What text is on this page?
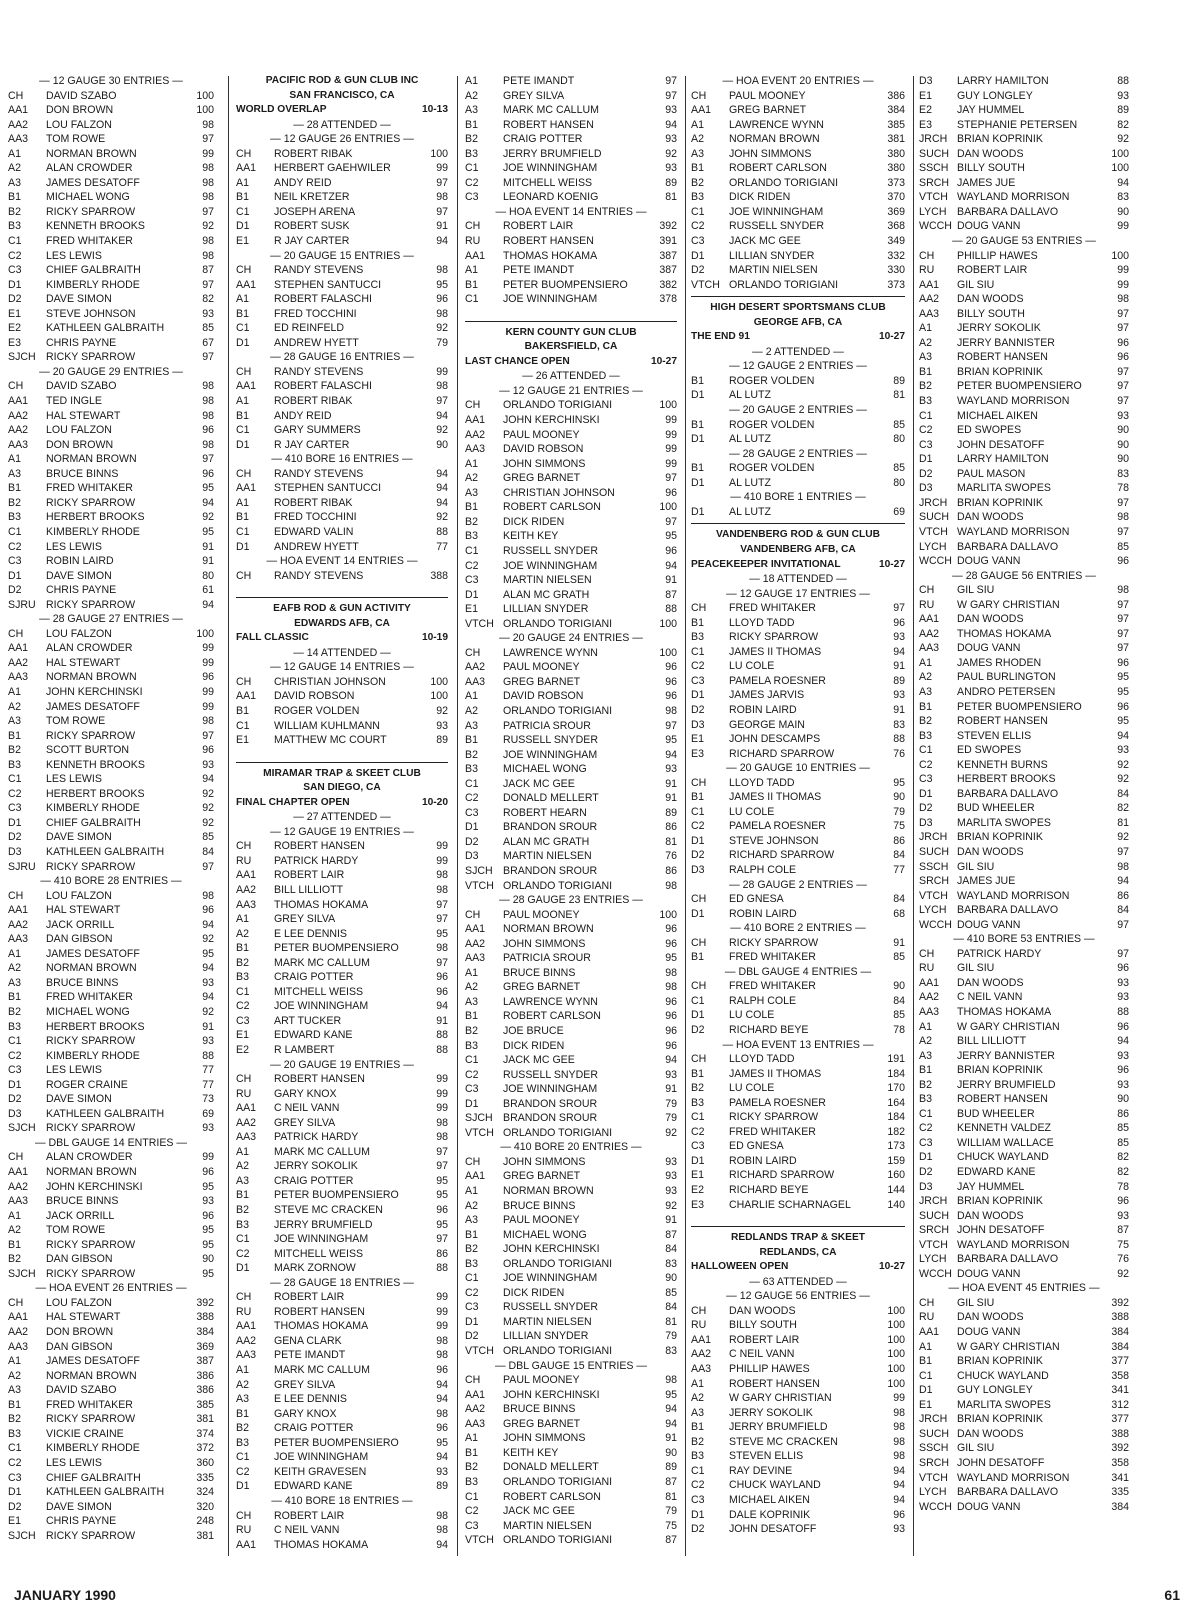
— 12 GAUGE 30 ENTRIES —
CH	DAVID SZABO	100
AA1	DON BROWN	100
AA2	LOU FALZON	98
AA3	TOM ROWE	97
A1	NORMAN BROWN	99
A2	ALAN CROWDER	98
A3	JAMES DESATOFF	98
B1	MICHAEL WONG	98
B2	RICKY SPARROW	97
B3	KENNETH BROOKS	92
C1	FRED WHITAKER	98
C2	LES LEWIS	98
C3	CHIEF GALBRAITH	87
D1	KIMBERLY RHODE	97
D2	DAVE SIMON	82
E1	STEVE JOHNSON	93
E2	KATHLEEN GALBRAITH	85
E3	CHRIS PAYNE	67
SJCH RICKY SPARROW	97
— 20 GAUGE 29 ENTRIES —
CH	DAVID SZABO	98
AA1	TED INGLE	98
AA2	HAL STEWART	98
AA2	LOU FALZON	96
AA3	DON BROWN	98
A1	NORMAN BROWN	97
A3	BRUCE BINNS	96
B1	FRED WHITAKER	95
B2	RICKY SPARROW	94
B3	HERBERT BROOKS	92
C1	KIMBERLY RHODE	95
C2	LES LEWIS	91
C3	ROBIN LAIRD	91
D1	DAVE SIMON	80
D2	CHRIS PAYNE	61
SJRU RICKY SPARROW	94
— 28 GAUGE 27 ENTRIES —
CH	LOU FALZON	100
AA1	ALAN CROWDER	99
AA2	HAL STEWART	99
AA3	NORMAN BROWN	96
A1	JOHN KERCHINSKI	99
A2	JAMES DESATOFF	99
A3	TOM ROWE	98
B1	RICKY SPARROW	97
B2	SCOTT BURTON	96
B3	KENNETH BROOKS	93
C1	LES LEWIS	94
C2	HERBERT BROOKS	92
C3	KIMBERLY RHODE	92
D1	CHIEF GALBRAITH	92
D2	DAVE SIMON	85
D3	KATHLEEN GALBRAITH	84
SJRU RICKY SPARROW	97
— 410 BORE 28 ENTRIES —
CH	LOU FALZON	98
AA1	HAL STEWART	96
AA2	JACK ORRILL	94
AA3	DAN GIBSON	92
A1	JAMES DESATOFF	95
A2	NORMAN BROWN	94
A3	BRUCE BINNS	93
B1	FRED WHITAKER	94
B2	MICHAEL WONG	92
B3	HERBERT BROOKS	91
C1	RICKY SPARROW	93
C2	KIMBERLY RHODE	88
C3	LES LEWIS	77
D1	ROGER CRAINE	77
D2	DAVE SIMON	73
D3	KATHLEEN GALBRAITH	69
SJCH RICKY SPARROW	93
— DBL GAUGE 14 ENTRIES —
CH	ALAN CROWDER	99
AA1	NORMAN BROWN	96
AA2	JOHN KERCHINSKI	95
AA3	BRUCE BINNS	93
A1	JACK ORRILL	96
A2	TOM ROWE	95
B1	RICKY SPARROW	95
B2	DAN GIBSON	90
SJCH RICKY SPARROW	95
— HOA EVENT 26 ENTRIES —
CH	LOU FALZON	392
AA1	HAL STEWART	388
AA2	DON BROWN	384
AA3	DAN GIBSON	369
A1	JAMES DESATOFF	387
A2	NORMAN BROWN	386
A3	DAVID SZABO	386
B1	FRED WHITAKER	385
B2	RICKY SPARROW	381
B3	VICKIE CRAINE	374
C1	KIMBERLY RHODE	372
C2	LES LEWIS	360
C3	CHIEF GALBRAITH	335
D1	KATHLEEN GALBRAITH	324
D2	DAVE SIMON	320
E1	CHRIS PAYNE	248
SJCH RICKY SPARROW	381
PACIFIC ROD & GUN CLUB INC
SAN FRANCISCO, CA
WORLD OVERLAP	10-13
— 28 ATTENDED —
— 12 GAUGE 26 ENTRIES —
CH	ROBERT RIBAK	100
AA1	HERBERT GAEHWILER	99
A1	ANDY REID	97
B1	NEIL KRETZER	98
C1	JOSEPH ARENA	97
D1	ROBERT SUSK	91
E1	R JAY CARTER	94
— 20 GAUGE 15 ENTRIES —
CH	RANDY STEVENS	98
AA1	STEPHEN SANTUCCI	95
A1	ROBERT FALASCHI	96
B1	FRED TOCCHINI	98
C1	ED REINFELD	92
D1	ANDREW HYETT	79
— 28 GAUGE 16 ENTRIES —
CH	RANDY STEVENS	99
AA1	ROBERT FALASCHI	98
A1	ROBERT RIBAK	97
B1	ANDY REID	94
C1	GARY SUMMERS	92
D1	R JAY CARTER	90
— 410 BORE 16 ENTRIES —
CH	RANDY STEVENS	94
AA1	STEPHEN SANTUCCI	94
A1	ROBERT RIBAK	94
B1	FRED TOCCHINI	92
C1	EDWARD VALIN	88
D1	ANDREW HYETT	77
— HOA EVENT 14 ENTRIES —
CH	RANDY STEVENS	388
EAFB ROD & GUN ACTIVITY
EDWARDS AFB, CA
FALL CLASSIC	10-19
— 14 ATTENDED —
— 12 GAUGE 14 ENTRIES —
CH	CHRISTIAN JOHNSON	100
AA1	DAVID ROBSON	100
B1	ROGER VOLDEN	92
C1	WILLIAM KUHLMANN	93
E1	MATTHEW MC COURT	89
MIRAMAR TRAP & SKEET CLUB
SAN DIEGO, CA
FINAL CHAPTER OPEN	10-20
— 27 ATTENDED —
— 12 GAUGE 19 ENTRIES —
CH	ROBERT HANSEN	99
RU	PATRICK HARDY	99
AA1	ROBERT LAIR	98
AA2	BILL LILLIOTT	98
AA3	THOMAS HOKAMA	97
A1	GREY SILVA	97
A2	E LEE DENNIS	95
B1	PETER BUOMPENSIERO	98
B2	MARK MC CALLUM	97
B3	CRAIG POTTER	96
C1	MITCHELL WEISS	96
C2	JOE WINNINGHAM	94
C3	ART TUCKER	91
E1	EDWARD KANE	88
E2	R LAMBERT	88
— 20 GAUGE 19 ENTRIES —
CH	ROBERT HANSEN	99
RU	GARY KNOX	99
AA1	C NEIL VANN	99
AA2	GREY SILVA	98
AA3	PATRICK HARDY	98
A1	MARK MC CALLUM	97
A2	JERRY SOKOLIK	97
A3	CRAIG POTTER	95
B1	PETER BUOMPENSIERO	95
B2	STEVE MC CRACKEN	96
B3	JERRY BRUMFIELD	95
C1	JOE WINNINGHAM	97
C2	MITCHELL WEISS	86
D1	MARK ZORNOW	88
— 28 GAUGE 18 ENTRIES —
CH	ROBERT LAIR	99
RU	ROBERT HANSEN	99
AA1	THOMAS HOKAMA	99
AA2	GENA CLARK	98
AA3	PETE IMANDT	98
A1	MARK MC CALLUM	96
A2	GREY SILVA	94
A3	E LEE DENNIS	94
B1	GARY KNOX	98
B2	CRAIG POTTER	96
B3	PETER BUOMPENSIERO	95
C1	JOE WINNINGHAM	94
C2	KEITH GRAVESEN	93
D1	EDWARD KANE	89
— 410 BORE 18 ENTRIES —
CH	ROBERT LAIR	98
RU	C NEIL VANN	98
AA1	THOMAS HOKAMA	94
A1	PETE IMANDT	97
A2	GREY SILVA	97
A3	MARK MC CALLUM	93
B1	ROBERT HANSEN	94
B2	CRAIG POTTER	93
B3	JERRY BRUMFIELD	92
C1	JOE WINNINGHAM	93
C2	MITCHELL WEISS	89
C3	LEONARD KOENIG	81
— HOA EVENT 14 ENTRIES —
CH	ROBERT LAIR	392
RU	ROBERT HANSEN	391
AA1	THOMAS HOKAMA	387
A1	PETE IMANDT	387
B1	PETER BUOMPENSIERO	382
C1	JOE WINNINGHAM	378
KERN COUNTY GUN CLUB
BAKERSFIELD, CA
LAST CHANCE OPEN	10-27
— 26 ATTENDED —
— 12 GAUGE 21 ENTRIES —
CH	ORLANDO TORIGIANI	100
AA1	JOHN KERCHINSKI	99
AA2	PAUL MOONEY	99
AA3	DAVID ROBSON	99
A1	JOHN SIMMONS	99
A2	GREG BARNET	97
A3	CHRISTIAN JOHNSON	96
B1	ROBERT CARLSON	100
B2	DICK RIDEN	97
B3	KEITH KEY	95
C1	RUSSELL SNYDER	96
C2	JOE WINNINGHAM	94
C3	MARTIN NIELSEN	91
D1	ALAN MC GRATH	87
E1	LILLIAN SNYDER	88
VTCH ORLANDO TORIGIANI	100
— 20 GAUGE 24 ENTRIES —
CH	LAWRENCE WYNN	100
AA2	PAUL MOONEY	96
AA3	GREG BARNET	96
A1	DAVID ROBSON	96
A2	ORLANDO TORIGIANI	98
A3	PATRICIA SROUR	97
B1	RUSSELL SNYDER	95
B2	JOE WINNINGHAM	94
B3	MICHAEL WONG	93
C1	JACK MC GEE	91
C2	DONALD MELLERT	91
C3	ROBERT HEARN	89
D1	BRANDON SROUR	86
D2	ALAN MC GRATH	81
D3	MARTIN NIELSEN	76
SJCH BRANDON SROUR	86
VTCH ORLANDO TORIGIANI	98
— 28 GAUGE 23 ENTRIES —
CH	PAUL MOONEY	100
AA1	NORMAN BROWN	96
AA2	JOHN SIMMONS	96
AA3	PATRICIA SROUR	95
A1	BRUCE BINNS	98
A2	GREG BARNET	98
A3	LAWRENCE WYNN	96
B1	ROBERT CARLSON	96
B2	JOE BRUCE	96
B3	DICK RIDEN	96
C1	JACK MC GEE	94
C2	RUSSELL SNYDER	93
C3	JOE WINNINGHAM	91
D1	BRANDON SROUR	79
SJCH BRANDON SROUR	79
VTCH ORLANDO TORIGIANI	92
— 410 BORE 20 ENTRIES —
CH	JOHN SIMMONS	93
AA1	GREG BARNET	93
A1	NORMAN BROWN	93
A2	BRUCE BINNS	92
A3	PAUL MOONEY	91
B1	MICHAEL WONG	87
B2	JOHN KERCHINSKI	84
B3	ORLANDO TORIGIANI	83
C1	JOE WINNINGHAM	90
C2	DICK RIDEN	85
C3	RUSSELL SNYDER	84
D1	MARTIN NIELSEN	81
D2	LILLIAN SNYDER	79
VTCH ORLANDO TORIGIANI	83
— DBL GAUGE 15 ENTRIES —
CH	PAUL MOONEY	98
AA1	JOHN KERCHINSKI	95
AA2	BRUCE BINNS	94
AA3	GREG BARNET	94
A1	JOHN SIMMONS	91
B1	KEITH KEY	90
B2	DONALD MELLERT	89
B3	ORLANDO TORIGIANI	87
C1	ROBERT CARLSON	81
C2	JACK MC GEE	79
C3	MARTIN NIELSEN	75
VTCH ORLANDO TORIGIANI	87
— HOA EVENT 20 ENTRIES —
CH	PAUL MOONEY	386
AA1	GREG BARNET	384
A1	LAWRENCE WYNN	385
A2	NORMAN BROWN	381
A3	JOHN SIMMONS	380
B1	ROBERT CARLSON	380
B2	ORLANDO TORIGIANI	373
B3	DICK RIDEN	370
C1	JOE WINNINGHAM	369
C2	RUSSELL SNYDER	368
C3	JACK MC GEE	349
D1	LILLIAN SNYDER	332
D2	MARTIN NIELSEN	330
VTCH ORLANDO TORIGIANI	373
HIGH DESERT SPORTSMANS CLUB
GEORGE AFB, CA
THE END 91	10-27
— 2 ATTENDED —
— 12 GAUGE 2 ENTRIES —
B1	ROGER VOLDEN	89
D1	AL LUTZ	81
— 20 GAUGE 2 ENTRIES —
B1	ROGER VOLDEN	85
D1	AL LUTZ	80
— 28 GAUGE 2 ENTRIES —
B1	ROGER VOLDEN	85
D1	AL LUTZ	80
— 410 BORE 1 ENTRIES —
D1	AL LUTZ	69
VANDENBERG ROD & GUN CLUB
VANDENBERG AFB, CA
PEACEKEEPER INVITATIONAL	10-27
— 18 ATTENDED —
— 12 GAUGE 17 ENTRIES —
CH	FRED WHITAKER	97
B1	LLOYD TADD	96
B3	RICKY SPARROW	93
C1	JAMES II THOMAS	94
C2	LU COLE	91
C3	PAMELA ROESNER	89
D1	JAMES JARVIS	93
D2	ROBIN LAIRD	91
D3	GEORGE MAIN	83
E1	JOHN DESCAMPS	88
E3	RICHARD SPARROW	76
— 20 GAUGE 10 ENTRIES —
CH	LLOYD TADD	95
B1	JAMES II THOMAS	90
C1	LU COLE	79
C2	PAMELA ROESNER	75
D1	STEVE JOHNSON	86
D2	RICHARD SPARROW	84
D3	RALPH COLE	77
— 28 GAUGE 2 ENTRIES —
CH	ED GNESA	84
D1	ROBIN LAIRD	68
— 410 BORE 2 ENTRIES —
CH	RICKY SPARROW	91
B1	FRED WHITAKER	85
— DBL GAUGE 4 ENTRIES —
CH	FRED WHITAKER	90
C1	RALPH COLE	84
D1	LU COLE	85
D2	RICHARD BEYE	78
— HOA EVENT 13 ENTRIES —
CH	LLOYD TADD	191
B1	JAMES II THOMAS	184
B2	LU COLE	170
B3	PAMELA ROESNER	164
C1	RICKY SPARROW	184
C2	FRED WHITAKER	182
C3	ED GNESA	173
D1	ROBIN LAIRD	159
E1	RICHARD SPARROW	160
E2	RICHARD BEYE	144
E3	CHARLIE SCHARNAGEL	140
REDLANDS TRAP & SKEET
REDLANDS, CA
HALLOWEEN OPEN	10-27
— 63 ATTENDED —
— 12 GAUGE 56 ENTRIES —
CH	DAN WOODS	100
RU	BILLY SOUTH	100
AA1	ROBERT LAIR	100
AA2	C NEIL VANN	100
AA3	PHILLIP HAWES	100
A1	ROBERT HANSEN	100
A2	W GARY CHRISTIAN	99
A3	JERRY SOKOLIK	98
B1	JERRY BRUMFIELD	98
B2	STEVE MC CRACKEN	98
B3	STEVEN ELLIS	98
C1	RAY DEVINE	94
C2	CHUCK WAYLAND	94
C3	MICHAEL AIKEN	94
D1	DALE KOPRINIK	96
D2	JOHN DESATOFF	93
D3	LARRY HAMILTON	88
E1	GUY LONGLEY	93
E2	JAY HUMMEL	89
E3	STEPHANIE PETERSEN	82
JRCH BRIAN KOPRINIK	92
SUCH DAN WOODS	100
SSCH BILLY SOUTH	100
SRCH JAMES JUE	94
VTCH WAYLAND MORRISON	83
LYCH BARBARA DALLAVO	90
WCCH DOUG VANN	99
— 20 GAUGE 53 ENTRIES —
CH	PHILLIP HAWES	100
RU	ROBERT LAIR	99
AA1	GIL SIU	99
AA2	DAN WOODS	98
AA3	BILLY SOUTH	97
A1	JERRY SOKOLIK	97
A2	JERRY BANNISTER	96
A3	ROBERT HANSEN	96
B1	BRIAN KOPRINIK	97
B2	PETER BUOMPENSIERO	97
B3	WAYLAND MORRISON	97
C1	MICHAEL AIKEN	93
C2	ED SWOPES	90
C3	JOHN DESATOFF	90
D1	LARRY HAMILTON	90
D2	PAUL MASON	83
D3	MARLITA SWOPES	78
JRCH BRIAN KOPRINIK	97
SUCH DAN WOODS	98
VTCH WAYLAND MORRISON	97
LYCH BARBARA DALLAVO	85
WCCH DOUG VANN	96
— 28 GAUGE 56 ENTRIES —
CH	GIL SIU	98
RU	W GARY CHRISTIAN	97
AA1	DAN WOODS	97
AA2	THOMAS HOKAMA	97
AA3	DOUG VANN	97
A1	JAMES RHODEN	96
A2	PAUL BURLINGTON	95
A3	ANDRO PETERSEN	95
B1	PETER BUOMPENSIERO	96
B2	ROBERT HANSEN	95
B3	STEVEN ELLIS	94
C1	ED SWOPES	93
C2	KENNETH BURNS	92
C3	HERBERT BROOKS	92
D1	BARBARA DALLAVO	84
D2	BUD WHEELER	82
D3	MARLITA SWOPES	81
JRCH BRIAN KOPRINIK	92
SUCH DAN WOODS	97
SSCH GIL SIU	98
SRCH JAMES JUE	94
VTCH WAYLAND MORRISON	86
LYCH BARBARA DALLAVO	84
WCCH DOUG VANN	97
— 410 BORE 53 ENTRIES —
CH	PATRICK HARDY	97
RU	GIL SIU	96
AA1	DAN WOODS	93
AA2	C NEIL VANN	93
AA3	THOMAS HOKAMA	88
A1	W GARY CHRISTIAN	96
A2	BILL LILLIOTT	94
A3	JERRY BANNISTER	93
B1	BRIAN KOPRINIK	96
B2	JERRY BRUMFIELD	93
B3	ROBERT HANSEN	90
C1	BUD WHEELER	86
C2	KENNETH VALDEZ	85
C3	WILLIAM WALLACE	85
D1	CHUCK WAYLAND	82
D2	EDWARD KANE	82
D3	JAY HUMMEL	78
JRCH BRIAN KOPRINIK	96
SUCH DAN WOODS	93
SRCH JOHN DESATOFF	87
VTCH WAYLAND MORRISON	75
LYCH BARBARA DALLAVO	76
WCCH DOUG VANN	92
— HOA EVENT 45 ENTRIES —
CH	GIL SIU	392
RU	DAN WOODS	388
AA1	DOUG VANN	384
A1	W GARY CHRISTIAN	384
B1	BRIAN KOPRINIK	377
C1	CHUCK WAYLAND	358
D1	GUY LONGLEY	341
E1	MARLITA SWOPES	312
JRCH BRIAN KOPRINIK	377
SUCH DAN WOODS	388
SSCH GIL SIU	392
SRCH JOHN DESATOFF	358
VTCH WAYLAND MORRISON	341
LYCH BARBARA DALLAVO	335
WCCH DOUG VANN	384
JANUARY 1990	61
